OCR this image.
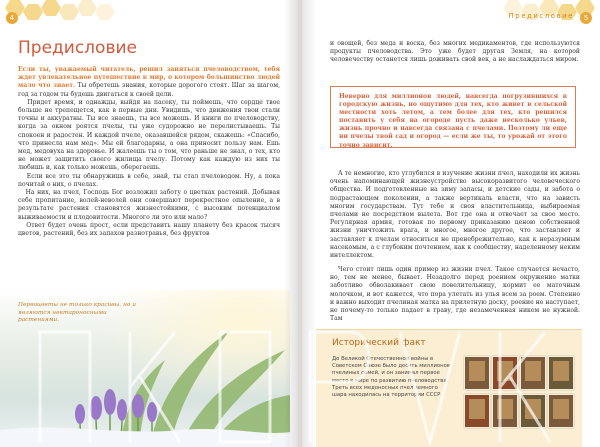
4
Предисловие
Если ты, уважаемый читатель, решил заняться пчеловодством, тебя ждет увлекательное путешествие в мир, о котором большинство людей мало что знает. Ты обретешь знания, которые дорогого стоят. Шаг за шагом, год за годом ты будешь двигаться к своей цели.
Придет время, и однажды, выйдя на пасеку, ты поймешь, что сердце твое больше не трепещется, как в первые дни. Увидишь, что движения твои стали точны и аккуратны. Ты все знаешь, ты все можешь. И книги по пчеловодству, когда за окном роятся пчелы, ты уже судорожно не перелистываешь. Ты спокоен и радостен. И каждой пчеле, оказавшейся рядом, скажешь: «Спасибо, что принесла нам мед». Мы ей благодарны, а она приносит пользу нам. Ешь мед, медовуха на здоровье. И жалеешь ты о том, что раньше не знал, о тех, кто не может защитить своего жилища пчелу. Потому как каждую из них ты любишь и, как только можешь, оберегаешь.
Если все это ты обнаружишь в себе, знай, ты стал пчеловодом. Ну, а пока почитай о них, о пчелах.
На них, на пчел, Господь Бог возложил заботу о цветках растений. Добывая себе пропитание, волей-неволей они совершают перекрестное опыление, а в результате растения становятся жизнестойкими, с высоким потенциалом выживаемости и плодовитости. Многого ли это или мало?
Ответ будет очень прост, если представить нашу планету без красок тысяч цветов, растений, без их запахов разнотравья, без фруктов

Первоцветы не только красивы, но и являются нектароносными растениями.

Предисловие	5

и овощей, без меда и воска, без многих медикаментов, где используются продукты пчеловодства. Это уже будет другая Земля, на которой человечеству останется лишь доживать свой век, а не наслаждаться миром.

Неверно для миллионов людей, навсегда погрузившихся в городскую жизнь, но ощутимо для тех, кто живет в сельской местности хоть летом, а тем более для тех, кто решился поставить у себя на огороде пусть даже несколько ульев, жизнь прочно и навсегда связана с пчелами. Поэтому ли еще ни пчелы твой сад и огород — если же ты, то урожай от этого точно зависит.

А те немногие, кто углубился в изучение жизни пчел, находили их жизнь очень напоминающей жизнеустройство высокоразвитого человеческого общества. И подготовленные на зиму запасы, и детские сады, и забота о подрастающем поколении, а также вертикаль власти, что на зависть многим государствам. Тут тебе и своя властительница, выбираемая пчелами не посредством вылета. Вот где она и отвечает за свое место. Регулярная армия, готовая по первому приказанию ценою собственной жизни уничтожить врага, и многое, многое другое, что заставляет и заставляет к пчелам относиться не пренебрежительно, как к неразумным насекомым, а с глубоким почтением, как к сообществу, наделенному неким интеллектом.

Чего стоит лишь один пример из жизни пчел. Такое случается нечасто, но, тем не менее, бывает. Незадолго перед роением окружение матки заботливо обволакивает свою повелительницу, кормит ее маточным молочком, и вот кажется, что пора улетать из улья всем за роем. Степенно и важно выходит пчелиная матка на прилетную доску, роение не наступает, не почему-то только падает в траву, где незамеченная никем не нужной. Там

Исторический факт

До Великой Отечественной войны в Советском Союзе было десять миллионов пчелиных семей, и он занимал первое место в мире по развитию пчеловодства. Треть всех медоносных пчел земного шара находилась на территории СССР.
